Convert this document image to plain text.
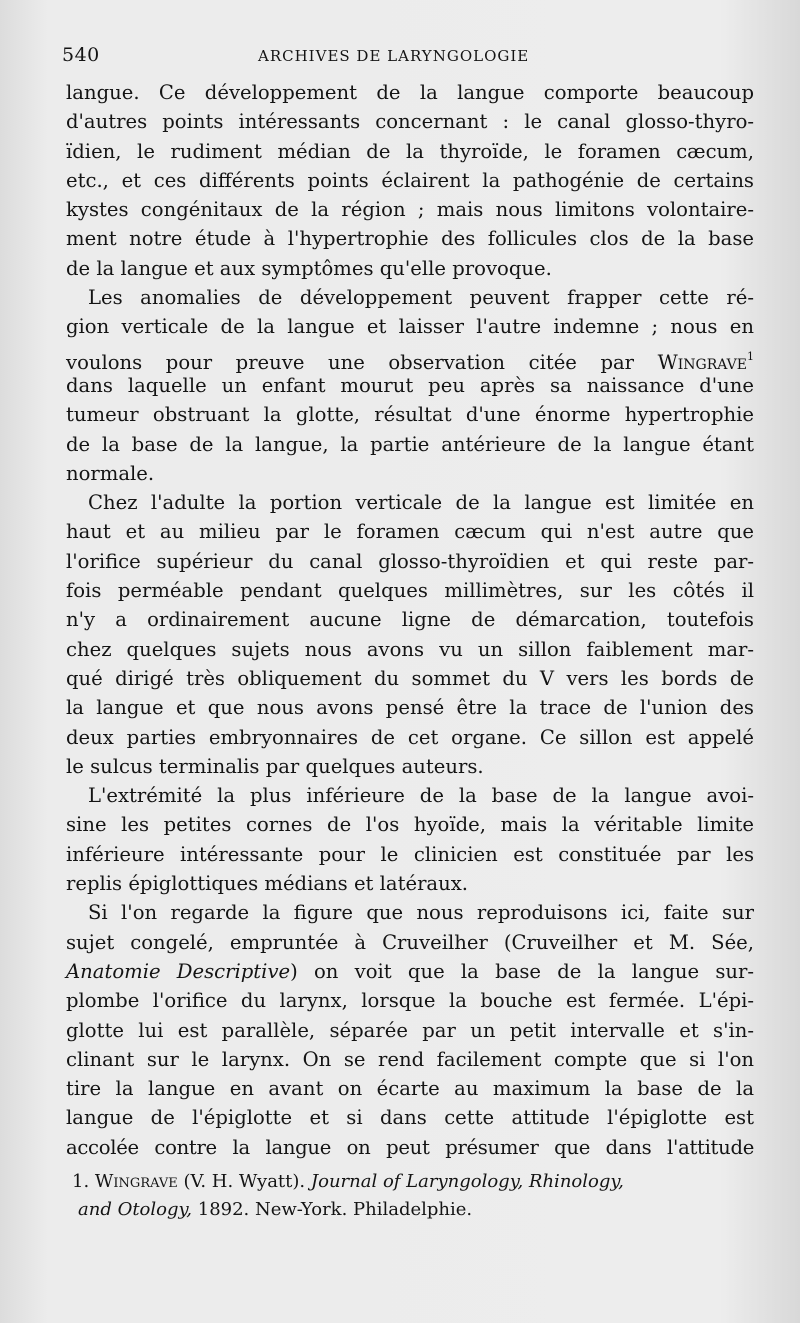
540	ARCHIVES DE LARYNGOLOGIE
langue. Ce développement de la langue comporte beaucoup
d'autres points intéressants concernant : le canal glosso-thyro-
ïdien, le rudiment médian de la thyroïde, le foramen cæcum,
etc., et ces différents points éclairent la pathogénie de certains
kystes congénitaux de la région ; mais nous limitons volontaire-
ment notre étude à l'hypertrophie des follicules clos de la base
de la langue et aux symptômes qu'elle provoque.
Les anomalies de développement peuvent frapper cette ré-
gion verticale de la langue et laisser l'autre indemne ; nous en
voulons pour preuve une observation citée par Wingrave$^1$
dans laquelle un enfant mourut peu après sa naissance d'une
tumeur obstruant la glotte, résultat d'une énorme hypertrophie
de la base de la langue, la partie antérieure de la langue étant
normale.
Chez l'adulte la portion verticale de la langue est limitée en
haut et au milieu par le foramen cæcum qui n'est autre que
l'orifice supérieur du canal glosso-thyroïdien et qui reste par-
fois perméable pendant quelques millimètres, sur les côtés il
n'y a ordinairement aucune ligne de démarcation, toutefois
chez quelques sujets nous avons vu un sillon faiblement mar-
qué dirigé très obliquement du sommet du V vers les bords de
la langue et que nous avons pensé être la trace de l'union des
deux parties embryonnaires de cet organe. Ce sillon est appelé
le sulcus terminalis par quelques auteurs.
L'extrémité la plus inférieure de la base de la langue avoi-
sine les petites cornes de l'os hyoïde, mais la véritable limite
inférieure intéressante pour le clinicien est constituée par les
replis épiglottiques médians et latéraux.
Si l'on regarde la figure que nous reproduisons ici, faite sur
sujet congelé, empruntée à Cruveilher (Cruveilher et M. Sée,
Anatomie Descriptive) on voit que la base de la langue sur-
plombe l'orifice du larynx, lorsque la bouche est fermée. L'épi-
glotte lui est parallèle, séparée par un petit intervalle et s'in-
clinant sur le larynx. On se rend facilement compte que si l'on
tire la langue en avant on écarte au maximum la base de la
langue de l'épiglotte et si dans cette attitude l'épiglotte est
accolée contre la langue on peut présumer que dans l'attitude
1. Wingrave (V. H. Wyatt). Journal of Laryngology, Rhinology,
and Otology, 1892. New-York. Philadelphie.
